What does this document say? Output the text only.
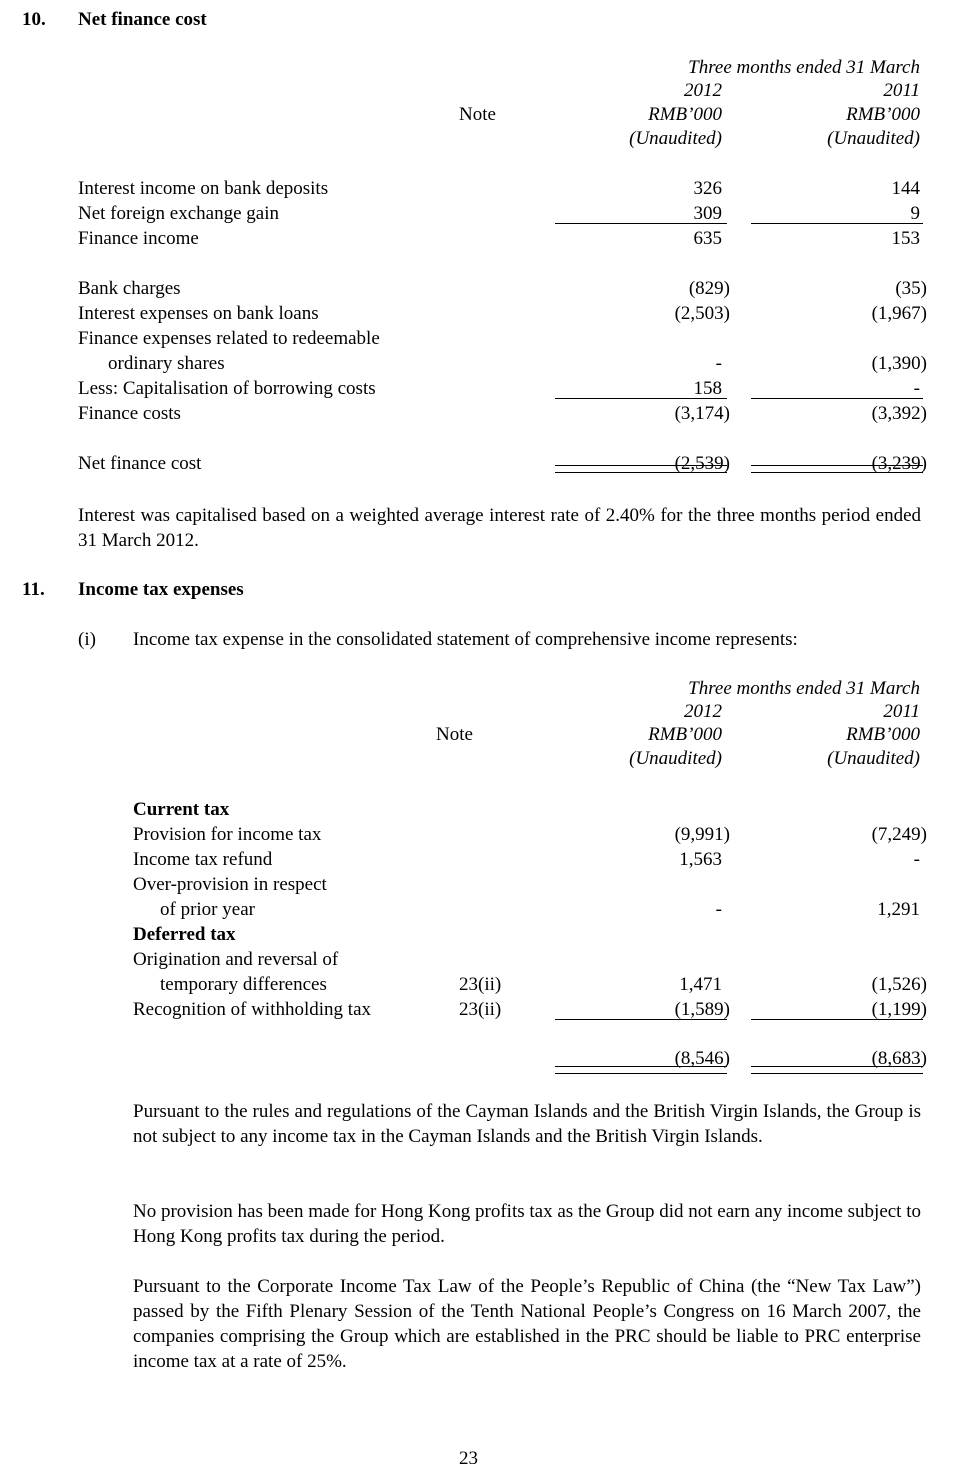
10. Net finance cost
Three months ended 31 March
2012	2011
Note	RMB’000	RMB’000
(Unaudited)	(Unaudited)
Interest income on bank deposits	326	144
Net foreign exchange gain	309	9
Finance income	635	153
Bank charges	(829)	(35)
Interest expenses on bank loans	(2,503)	(1,967)
Finance expenses related to redeemable
ordinary shares	-	(1,390)
Less: Capitalisation of borrowing costs	158	-
Finance costs	(3,174)	(3,392)
Net finance cost	(2,539)	(3,239)
Interest was capitalised based on a weighted average interest rate of 2.40% for the three months period ended 31 March 2012.
11. Income tax expenses
(i) Income tax expense in the consolidated statement of comprehensive income represents:
Three months ended 31 March
2012	2011
Note	RMB’000	RMB’000
(Unaudited)	(Unaudited)
Current tax
Provision for income tax	(9,991)	(7,249)
Income tax refund	1,563	-
Over-provision in respect
of prior year	-	1,291
Deferred tax
Origination and reversal of
temporary differences	23(ii)	1,471	(1,526)
Recognition of withholding tax	23(ii)	(1,589)	(1,199)
(8,546)	(8,683)
Pursuant to the rules and regulations of the Cayman Islands and the British Virgin Islands, the Group is not subject to any income tax in the Cayman Islands and the British Virgin Islands.
No provision has been made for Hong Kong profits tax as the Group did not earn any income subject to Hong Kong profits tax during the period.
Pursuant to the Corporate Income Tax Law of the People’s Republic of China (the “New Tax Law”) passed by the Fifth Plenary Session of the Tenth National People’s Congress on 16 March 2007, the companies comprising the Group which are established in the PRC should be liable to PRC enterprise income tax at a rate of 25%.
23
